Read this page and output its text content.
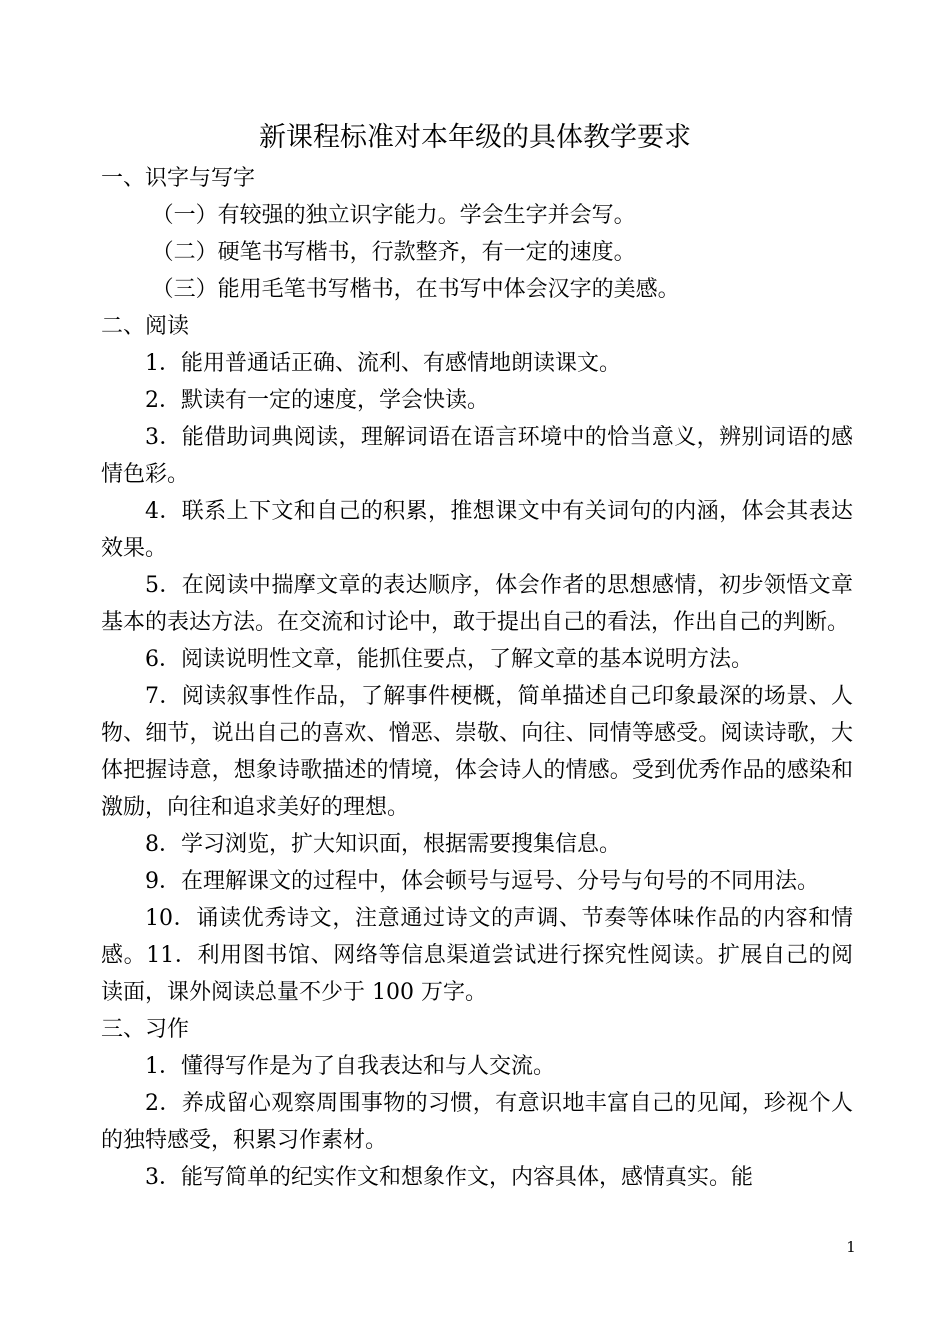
新课程标准对本年级的具体教学要求

一、识字与写字

（一）有较强的独立识字能力。学会生字并会写。

（二）硬笔书写楷书，行款整齐，有一定的速度。

（三）能用毛笔书写楷书，在书写中体会汉字的美感。

二、阅读

1．能用普通话正确、流利、有感情地朗读课文。

2．默读有一定的速度，学会快读。

3．能借助词典阅读，理解词语在语言环境中的恰当意义，辨别词语的感情色彩。

4．联系上下文和自己的积累，推想课文中有关词句的内涵，体会其表达效果。

5．在阅读中揣摩文章的表达顺序，体会作者的思想感情，初步领悟文章基本的表达方法。在交流和讨论中，敢于提出自己的看法，作出自己的判断。

6．阅读说明性文章，能抓住要点，了解文章的基本说明方法。

7．阅读叙事性作品，了解事件梗概，简单描述自己印象最深的场景、人物、细节，说出自己的喜欢、憎恶、崇敬、向往、同情等感受。阅读诗歌，大体把握诗意，想象诗歌描述的情境，体会诗人的情感。受到优秀作品的感染和激励，向往和追求美好的理想。

8．学习浏览，扩大知识面，根据需要搜集信息。

9．在理解课文的过程中，体会顿号与逗号、分号与句号的不同用法。

10．诵读优秀诗文，注意通过诗文的声调、节奏等体味作品的内容和情感。11．利用图书馆、网络等信息渠道尝试进行探究性阅读。扩展自己的阅读面，课外阅读总量不少于 100 万字。

三、习作

1．懂得写作是为了自我表达和与人交流。

2．养成留心观察周围事物的习惯，有意识地丰富自己的见闻，珍视个人的独特感受，积累习作素材。

3．能写简单的纪实作文和想象作文，内容具体，感情真实。能

1
